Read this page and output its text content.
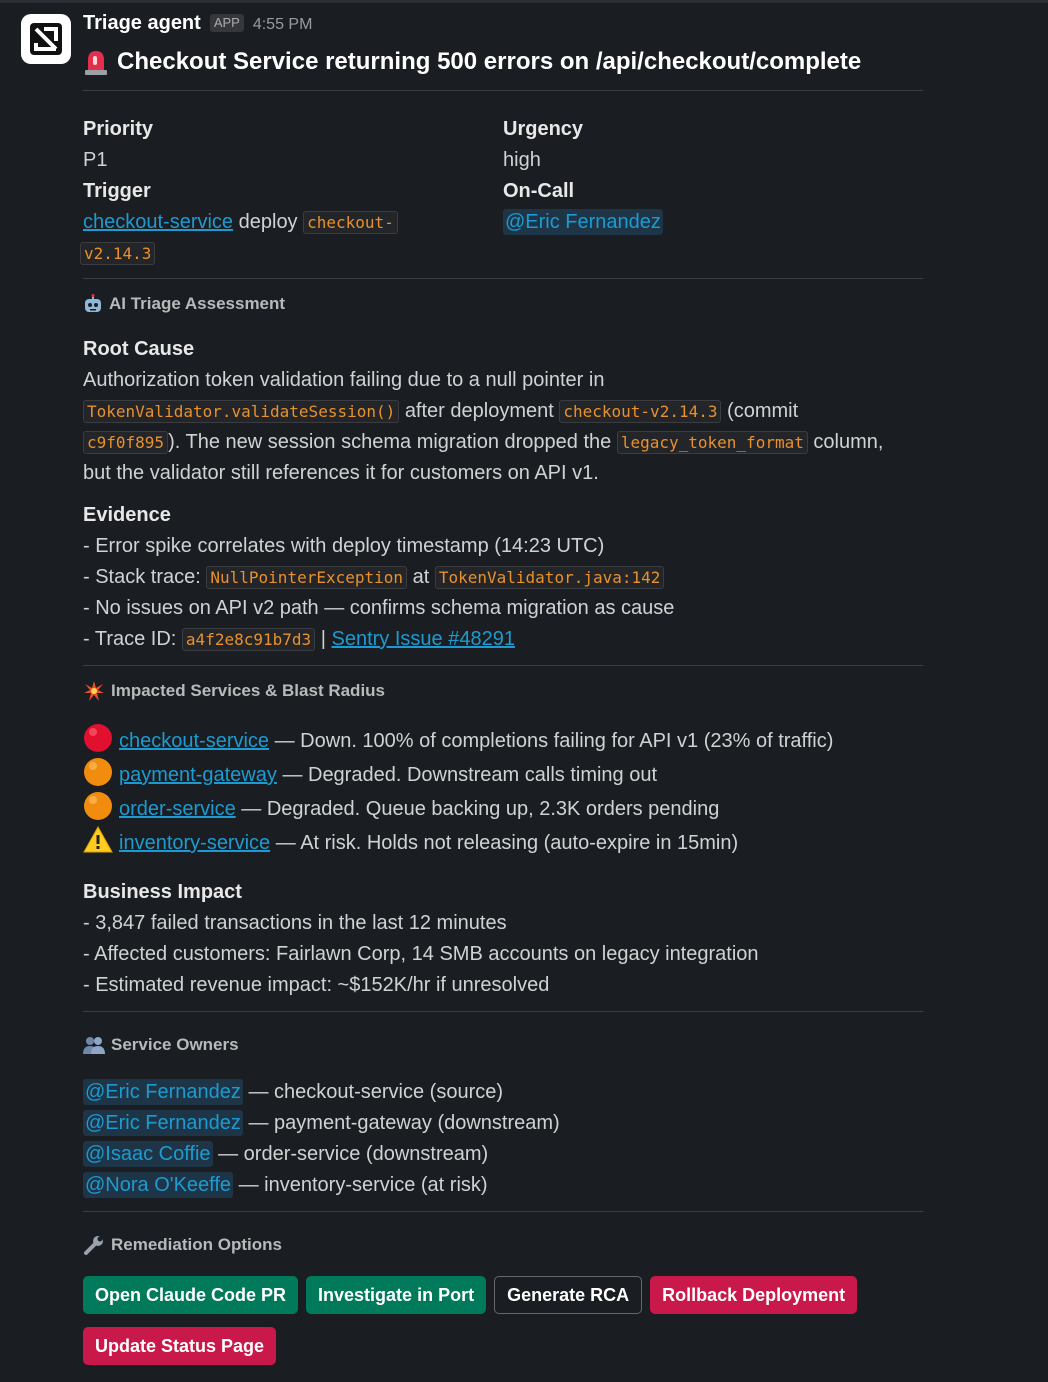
Triage agent	APP 4:55 PM
Checkout Service returning 500 errors on /api/checkout/complete
Priority
P1
Trigger
checkout-service deploy checkout-
v2.14.3
Urgency
high
On-Call
@Eric Fernandez
AI Triage Assessment
Root Cause
Authorization token validation failing due to a null pointer in
TokenValidator.validateSession() after deployment checkout-v2.14.3 (commit
c9f0f895 ). The new session schema migration dropped the legacy_token_format column,
but the validator still references it for customers on API v1.
Evidence
- Error spike correlates with deploy timestamp (14:23 UTC)
- Stack trace: NullPointerException at TokenValidator.java:142
- No issues on API v2 path — confirms schema migration as cause
- Trace ID: a4f2e8c91b7d3 | Sentry Issue #48291
Impacted Services & Blast Radius
checkout-service — Down. 100% of completions failing for API v1 (23% of traffic)
payment-gateway — Degraded. Downstream calls timing out
order-service — Degraded. Queue backing up, 2.3K orders pending
inventory-service — At risk. Holds not releasing (auto-expire in 15min)
Business Impact
- 3,847 failed transactions in the last 12 minutes
- Affected customers: Fairlawn Corp, 14 SMB accounts on legacy integration
- Estimated revenue impact: ~$152K/hr if unresolved
Service Owners
@Eric Fernandez — checkout-service (source)
@Eric Fernandez — payment-gateway (downstream)
@Isaac Coffie — order-service (downstream)
@Nora O'Keeffe — inventory-service (at risk)
Remediation Options
Open Claude Code PR Investigate in Port Generate RCA Rollback Deployment
Update Status Page
